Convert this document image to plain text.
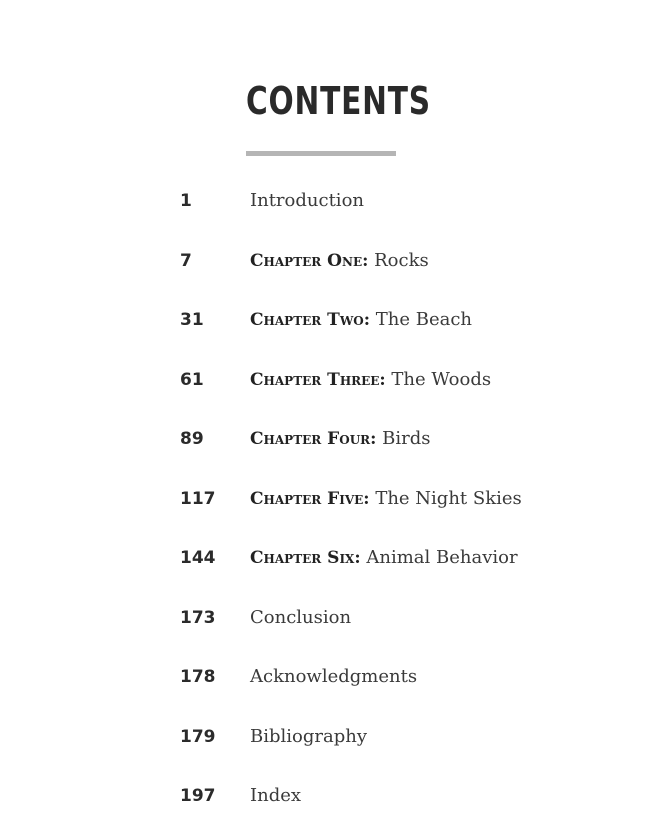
CONTENTS
1	Introduction
7	Chapter One: Rocks
31	Chapter Two: The Beach
61	Chapter Three: The Woods
89	Chapter Four: Birds
117 Chapter Five: The Night Skies
144 Chapter Six: Animal Behavior
173 Conclusion
178 Acknowledgments
179 Bibliography
197 Index
